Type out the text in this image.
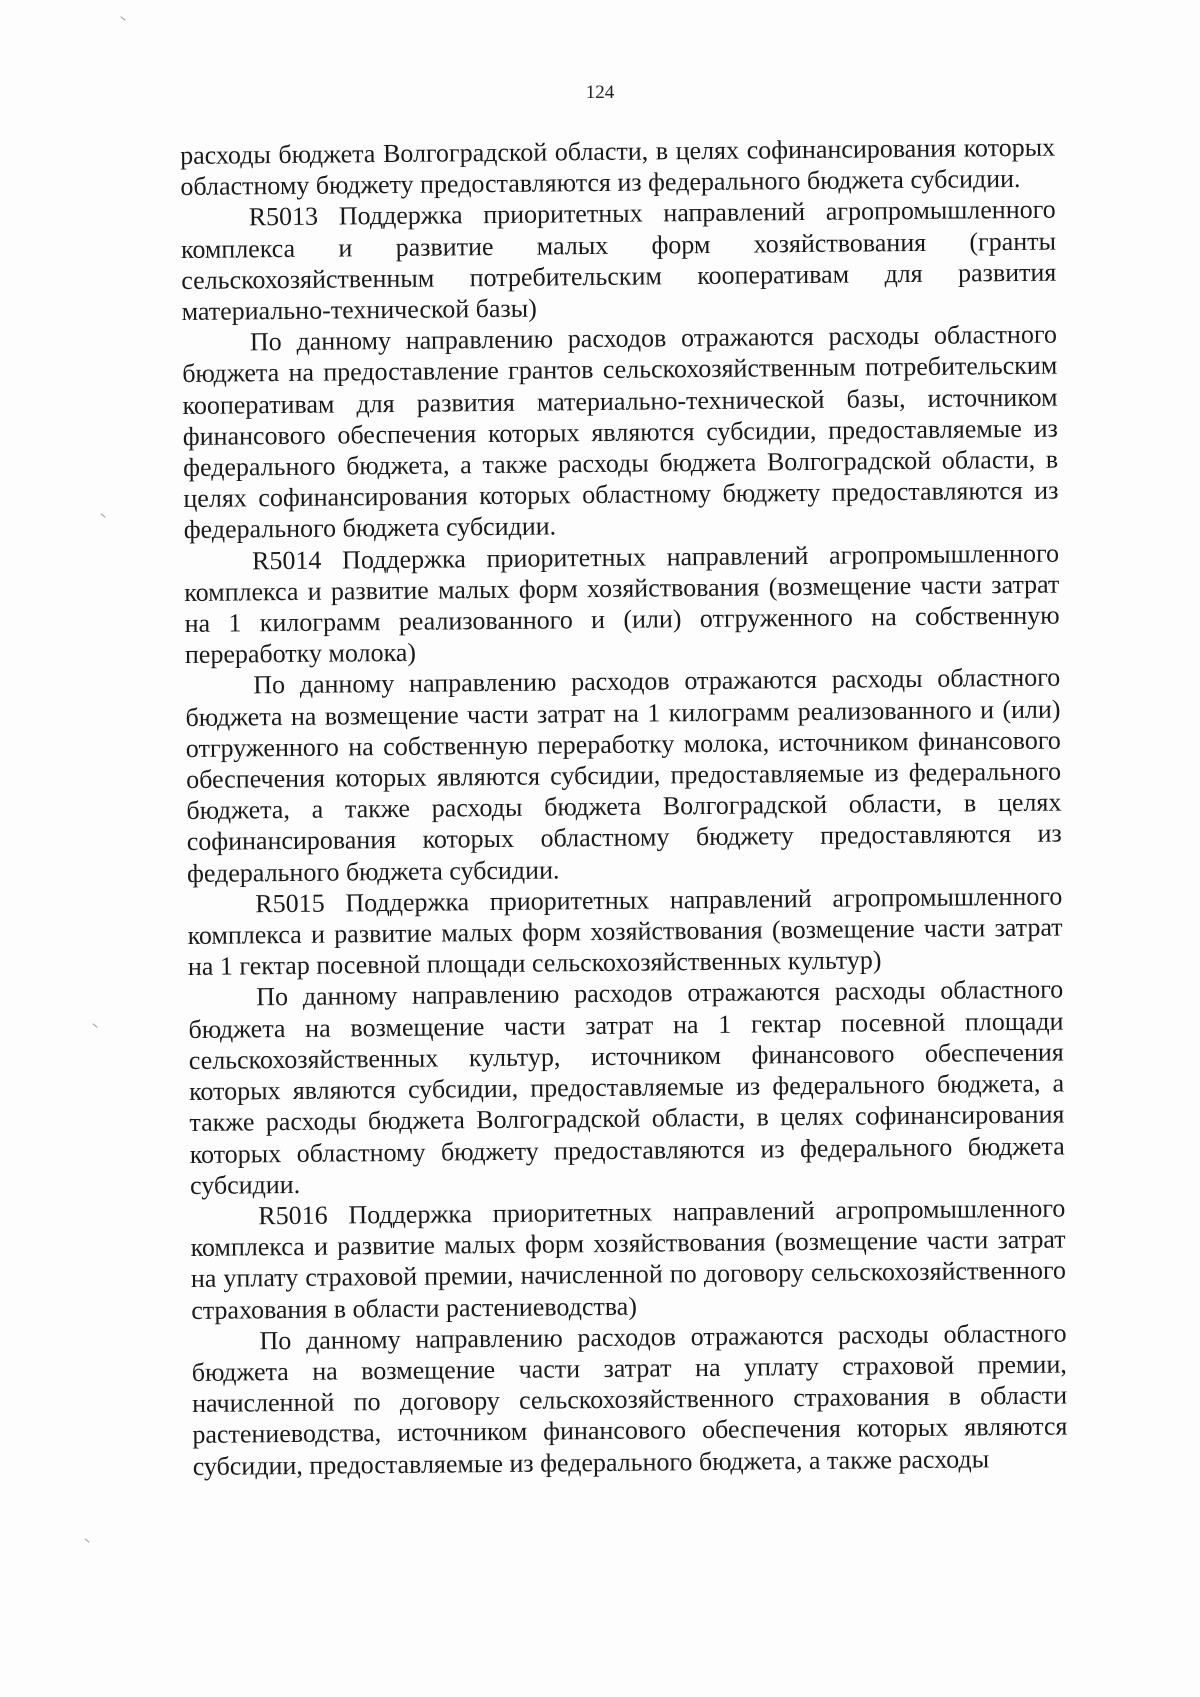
124

расходы бюджета Волгоградской области, в целях софинансирования которых областному бюджету предоставляются из федерального бюджета субсидии.

R5013 Поддержка приоритетных направлений агропромышленного комплекса и развитие малых форм хозяйствования (гранты сельскохозяйственным потребительским кооперативам для развития материально-технической базы)

По данному направлению расходов отражаются расходы областного бюджета на предоставление грантов сельскохозяйственным потребительским кооперативам для развития материально-технической базы, источником финансового обеспечения которых являются субсидии, предоставляемые из федерального бюджета, а также расходы бюджета Волгоградской области, в целях софинансирования которых областному бюджету предоставляются из федерального бюджета субсидии.

R5014 Поддержка приоритетных направлений агропромышленного комплекса и развитие малых форм хозяйствования (возмещение части затрат на 1 килограмм реализованного и (или) отгруженного на собственную переработку молока)

По данному направлению расходов отражаются расходы областного бюджета на возмещение части затрат на 1 килограмм реализованного и (или) отгруженного на собственную переработку молока, источником финансового обеспечения которых являются субсидии, предоставляемые из федерального бюджета, а также расходы бюджета Волгоградской области, в целях софинансирования которых областному бюджету предоставляются из федерального бюджета субсидии.

R5015 Поддержка приоритетных направлений агропромышленного комплекса и развитие малых форм хозяйствования (возмещение части затрат на 1 гектар посевной площади сельскохозяйственных культур)

По данному направлению расходов отражаются расходы областного бюджета на возмещение части затрат на 1 гектар посевной площади сельскохозяйственных культур, источником финансового обеспечения которых являются субсидии, предоставляемые из федерального бюджета, а также расходы бюджета Волгоградской области, в целях софинансирования которых областному бюджету предоставляются из федерального бюджета субсидии.

R5016 Поддержка приоритетных направлений агропромышленного комплекса и развитие малых форм хозяйствования (возмещение части затрат на уплату страховой премии, начисленной по договору сельскохозяйственного страхования в области растениеводства)

По данному направлению расходов отражаются расходы областного бюджета на возмещение части затрат на уплату страховой премии, начисленной по договору сельскохозяйственного страхования в области растениеводства, источником финансового обеспечения которых являются субсидии, предоставляемые из федерального бюджета, а также расходы
